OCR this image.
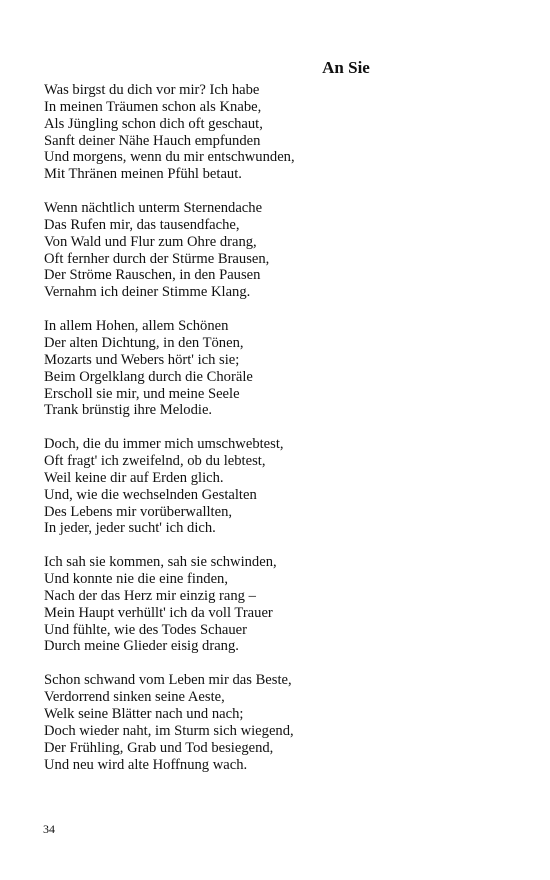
An Sie
Was birgst du dich vor mir? Ich habe
In meinen Träumen schon als Knabe,
Als Jüngling schon dich oft geschaut,
Sanft deiner Nähe Hauch empfunden
Und morgens, wenn du mir entschwunden,
Mit Thränen meinen Pfühl betaut.
Wenn nächtlich unterm Sternendache
Das Rufen mir, das tausendfache,
Von Wald und Flur zum Ohre drang,
Oft fernher durch der Stürme Brausen,
Der Ströme Rauschen, in den Pausen
Vernahm ich deiner Stimme Klang.
In allem Hohen, allem Schönen
Der alten Dichtung, in den Tönen,
Mozarts und Webers hört' ich sie;
Beim Orgelklang durch die Choräle
Erscholl sie mir, und meine Seele
Trank brünstig ihre Melodie.
Doch, die du immer mich umschwebtest,
Oft fragt' ich zweifelnd, ob du lebtest,
Weil keine dir auf Erden glich.
Und, wie die wechselnden Gestalten
Des Lebens mir vorüberwallten,
In jeder, jeder sucht' ich dich.
Ich sah sie kommen, sah sie schwinden,
Und konnte nie die eine finden,
Nach der das Herz mir einzig rang –
Mein Haupt verhüllt' ich da voll Trauer
Und fühlte, wie des Todes Schauer
Durch meine Glieder eisig drang.
Schon schwand vom Leben mir das Beste,
Verdorrend sinken seine Aeste,
Welk seine Blätter nach und nach;
Doch wieder naht, im Sturm sich wiegend,
Der Frühling, Grab und Tod besiegend,
Und neu wird alte Hoffnung wach.
34
